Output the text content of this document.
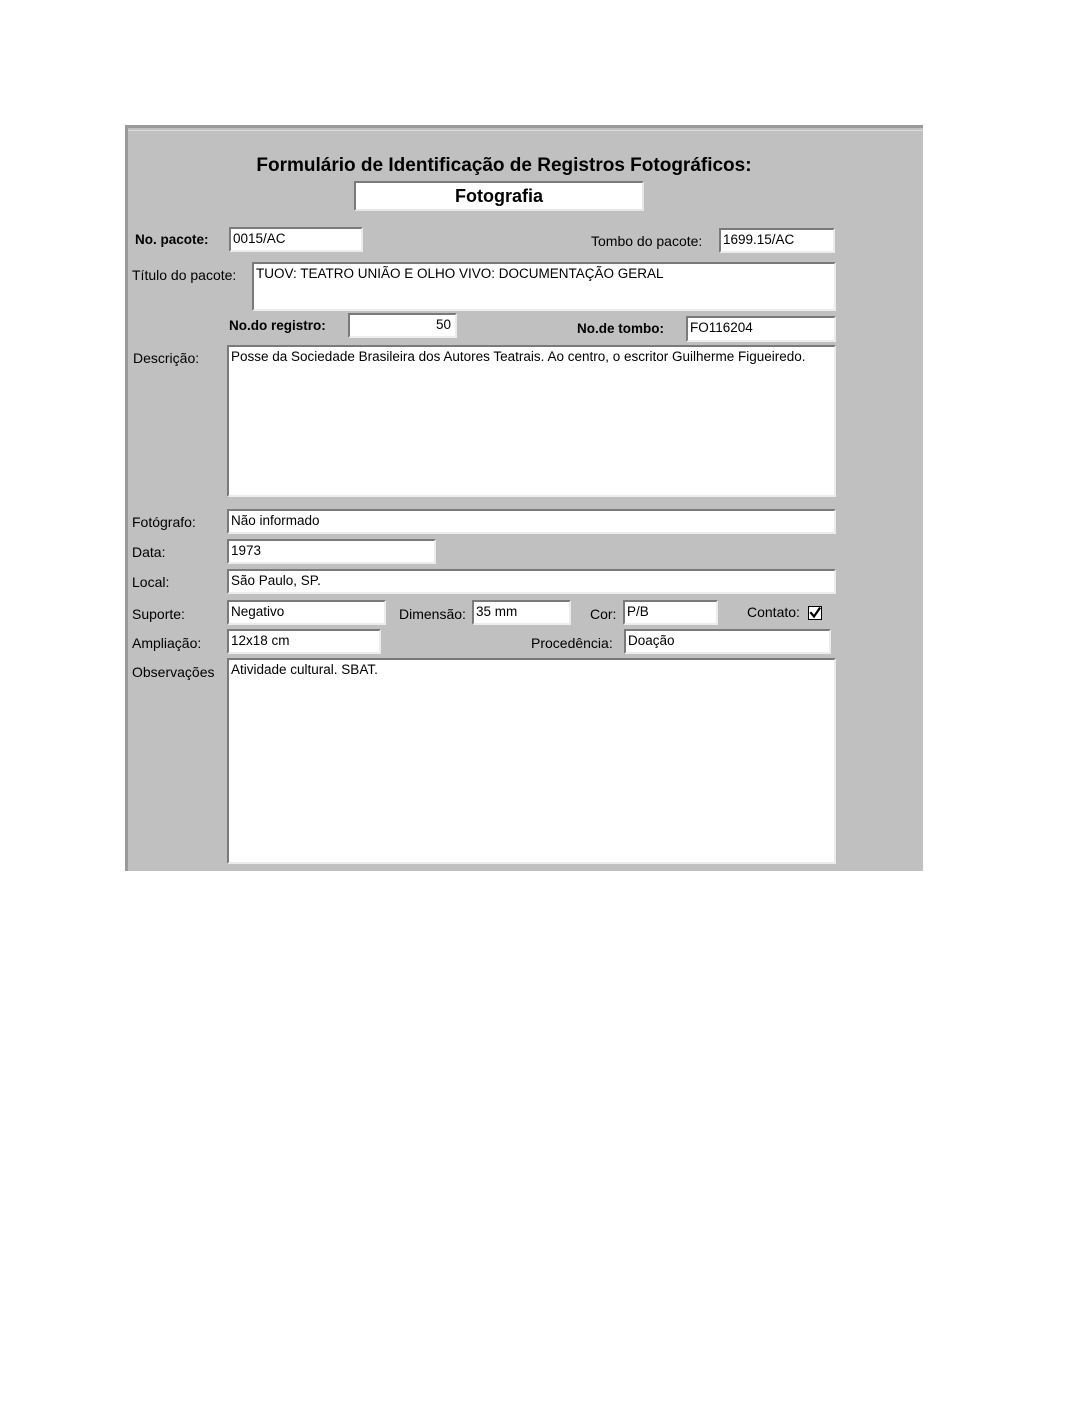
Formulário de Identificação de Registros Fotográficos:
Fotografia
No. pacote: 0015/AC	Tombo do pacote: 1699.15/AC
Título do pacote: TUOV: TEATRO UNIÃO E OLHO VIVO: DOCUMENTAÇÃO GERAL
No.do registro:	50	No.de tombo: FO116204
Descrição: Posse da Sociedade Brasileira dos Autores Teatrais. Ao centro, o escritor Guilherme Figueiredo.
Fotógrafo:	Não informado
Data:	1973
Local:	São Paulo, SP.
Suporte:	Negativo	Dimensão: 35 mm	Cor: P/B	Contato:
Ampliação: 12x18 cm	Procedência: Doação
Observações Atividade cultural. SBAT.
